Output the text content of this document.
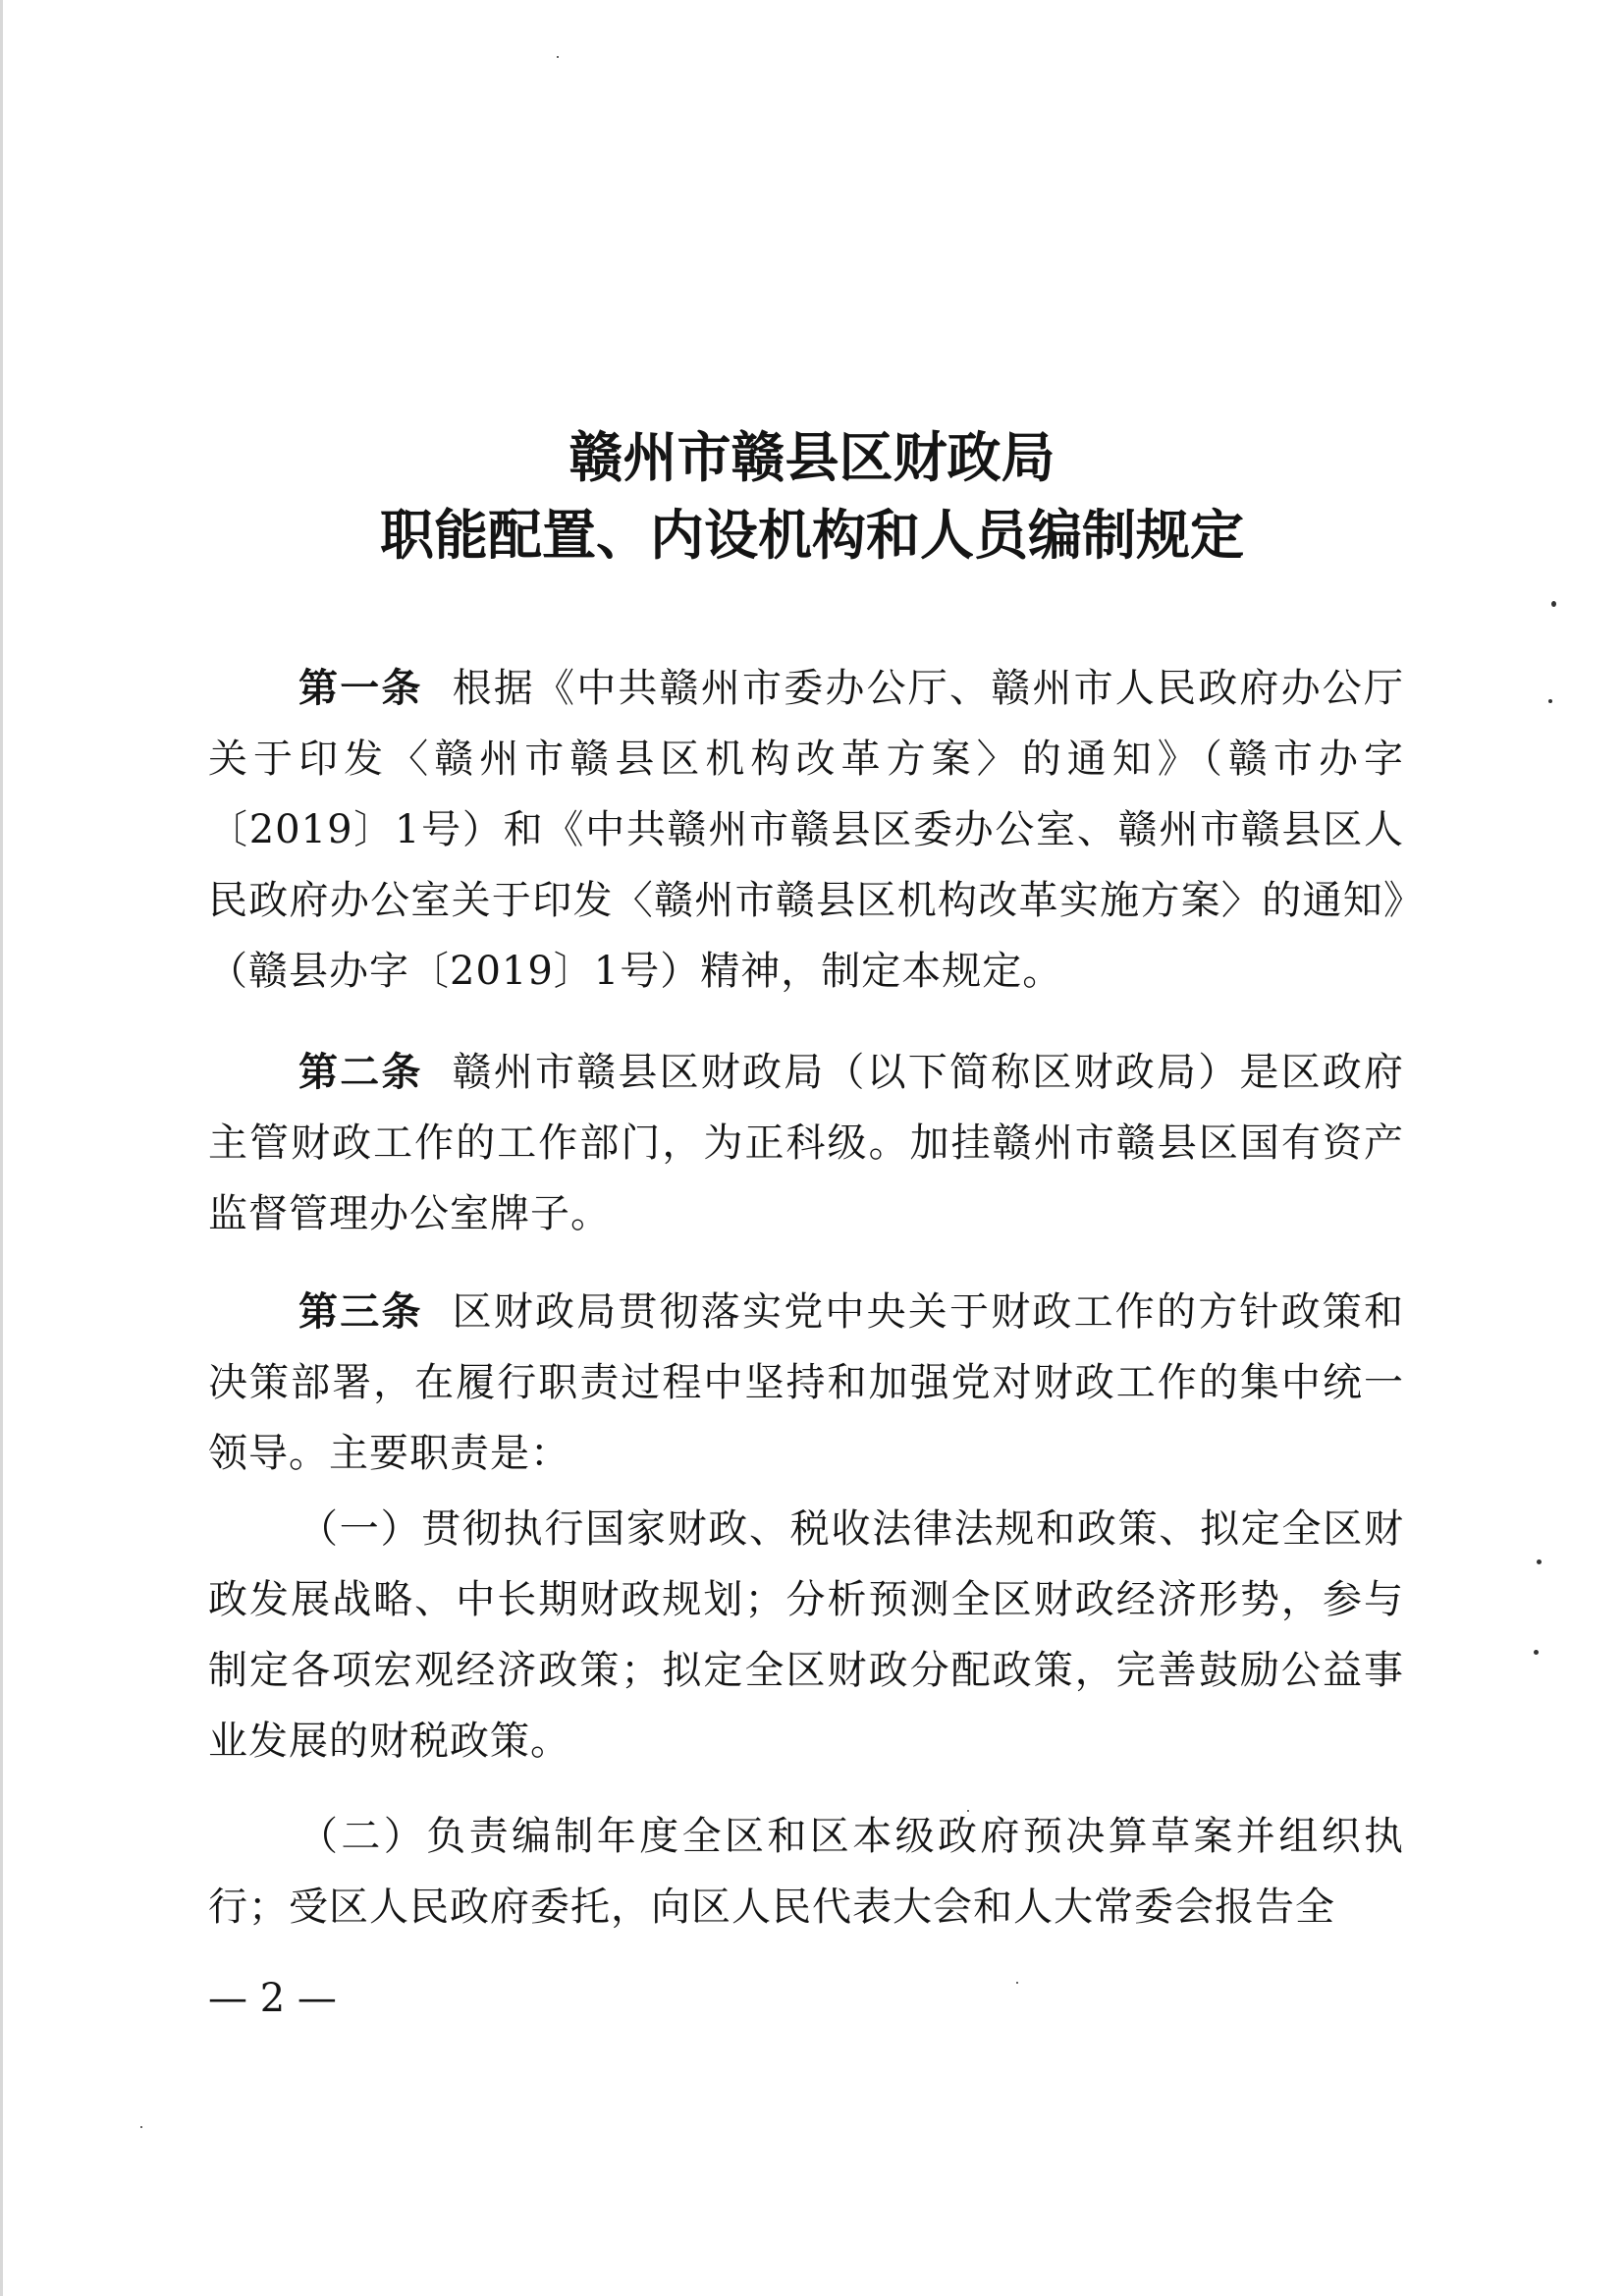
赣州市赣县区财政局
职能配置、内设机构和人员编制规定
第一条 根据《中共赣州市委办公厅、赣州市人民政府办公厅关于印发〈赣州市赣县区机构改革方案〉的通知》（赣市办字〔2019〕1号）和《中共赣州市赣县区委办公室、赣州市赣县区人民政府办公室关于印发〈赣州市赣县区机构改革实施方案〉的通知》（赣县办字〔2019〕1号）精神，制定本规定。
第二条 赣州市赣县区财政局（以下简称区财政局）是区政府主管财政工作的工作部门，为正科级。加挂赣州市赣县区国有资产监督管理办公室牌子。
第三条 区财政局贯彻落实党中央关于财政工作的方针政策和决策部署，在履行职责过程中坚持和加强党对财政工作的集中统一领导。主要职责是：
（一）贯彻执行国家财政、税收法律法规和政策、拟定全区财政发展战略、中长期财政规划；分析预测全区财政经济形势，参与制定各项宏观经济政策；拟定全区财政分配政策，完善鼓励公益事业发展的财税政策。
（二）负责编制年度全区和区本级政府预决算草案并组织执行；受区人民政府委托，向区人民代表大会和人大常委会报告全
— 2 —
